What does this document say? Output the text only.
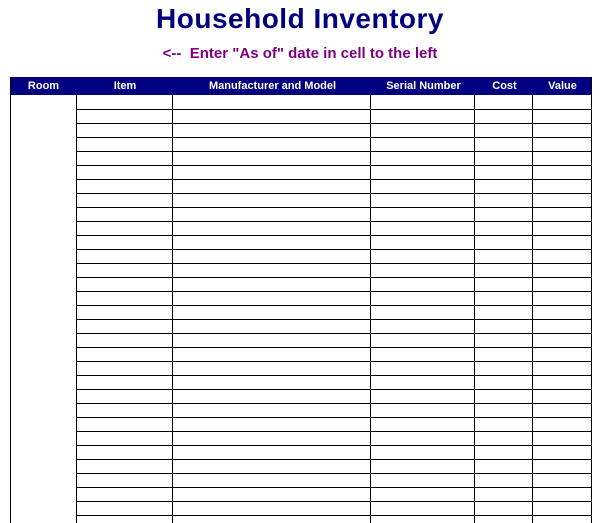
Household Inventory
<--  Enter "As of" date in cell to the left
Room	Item	Manufacturer and Model	Serial Number	Cost	Value
